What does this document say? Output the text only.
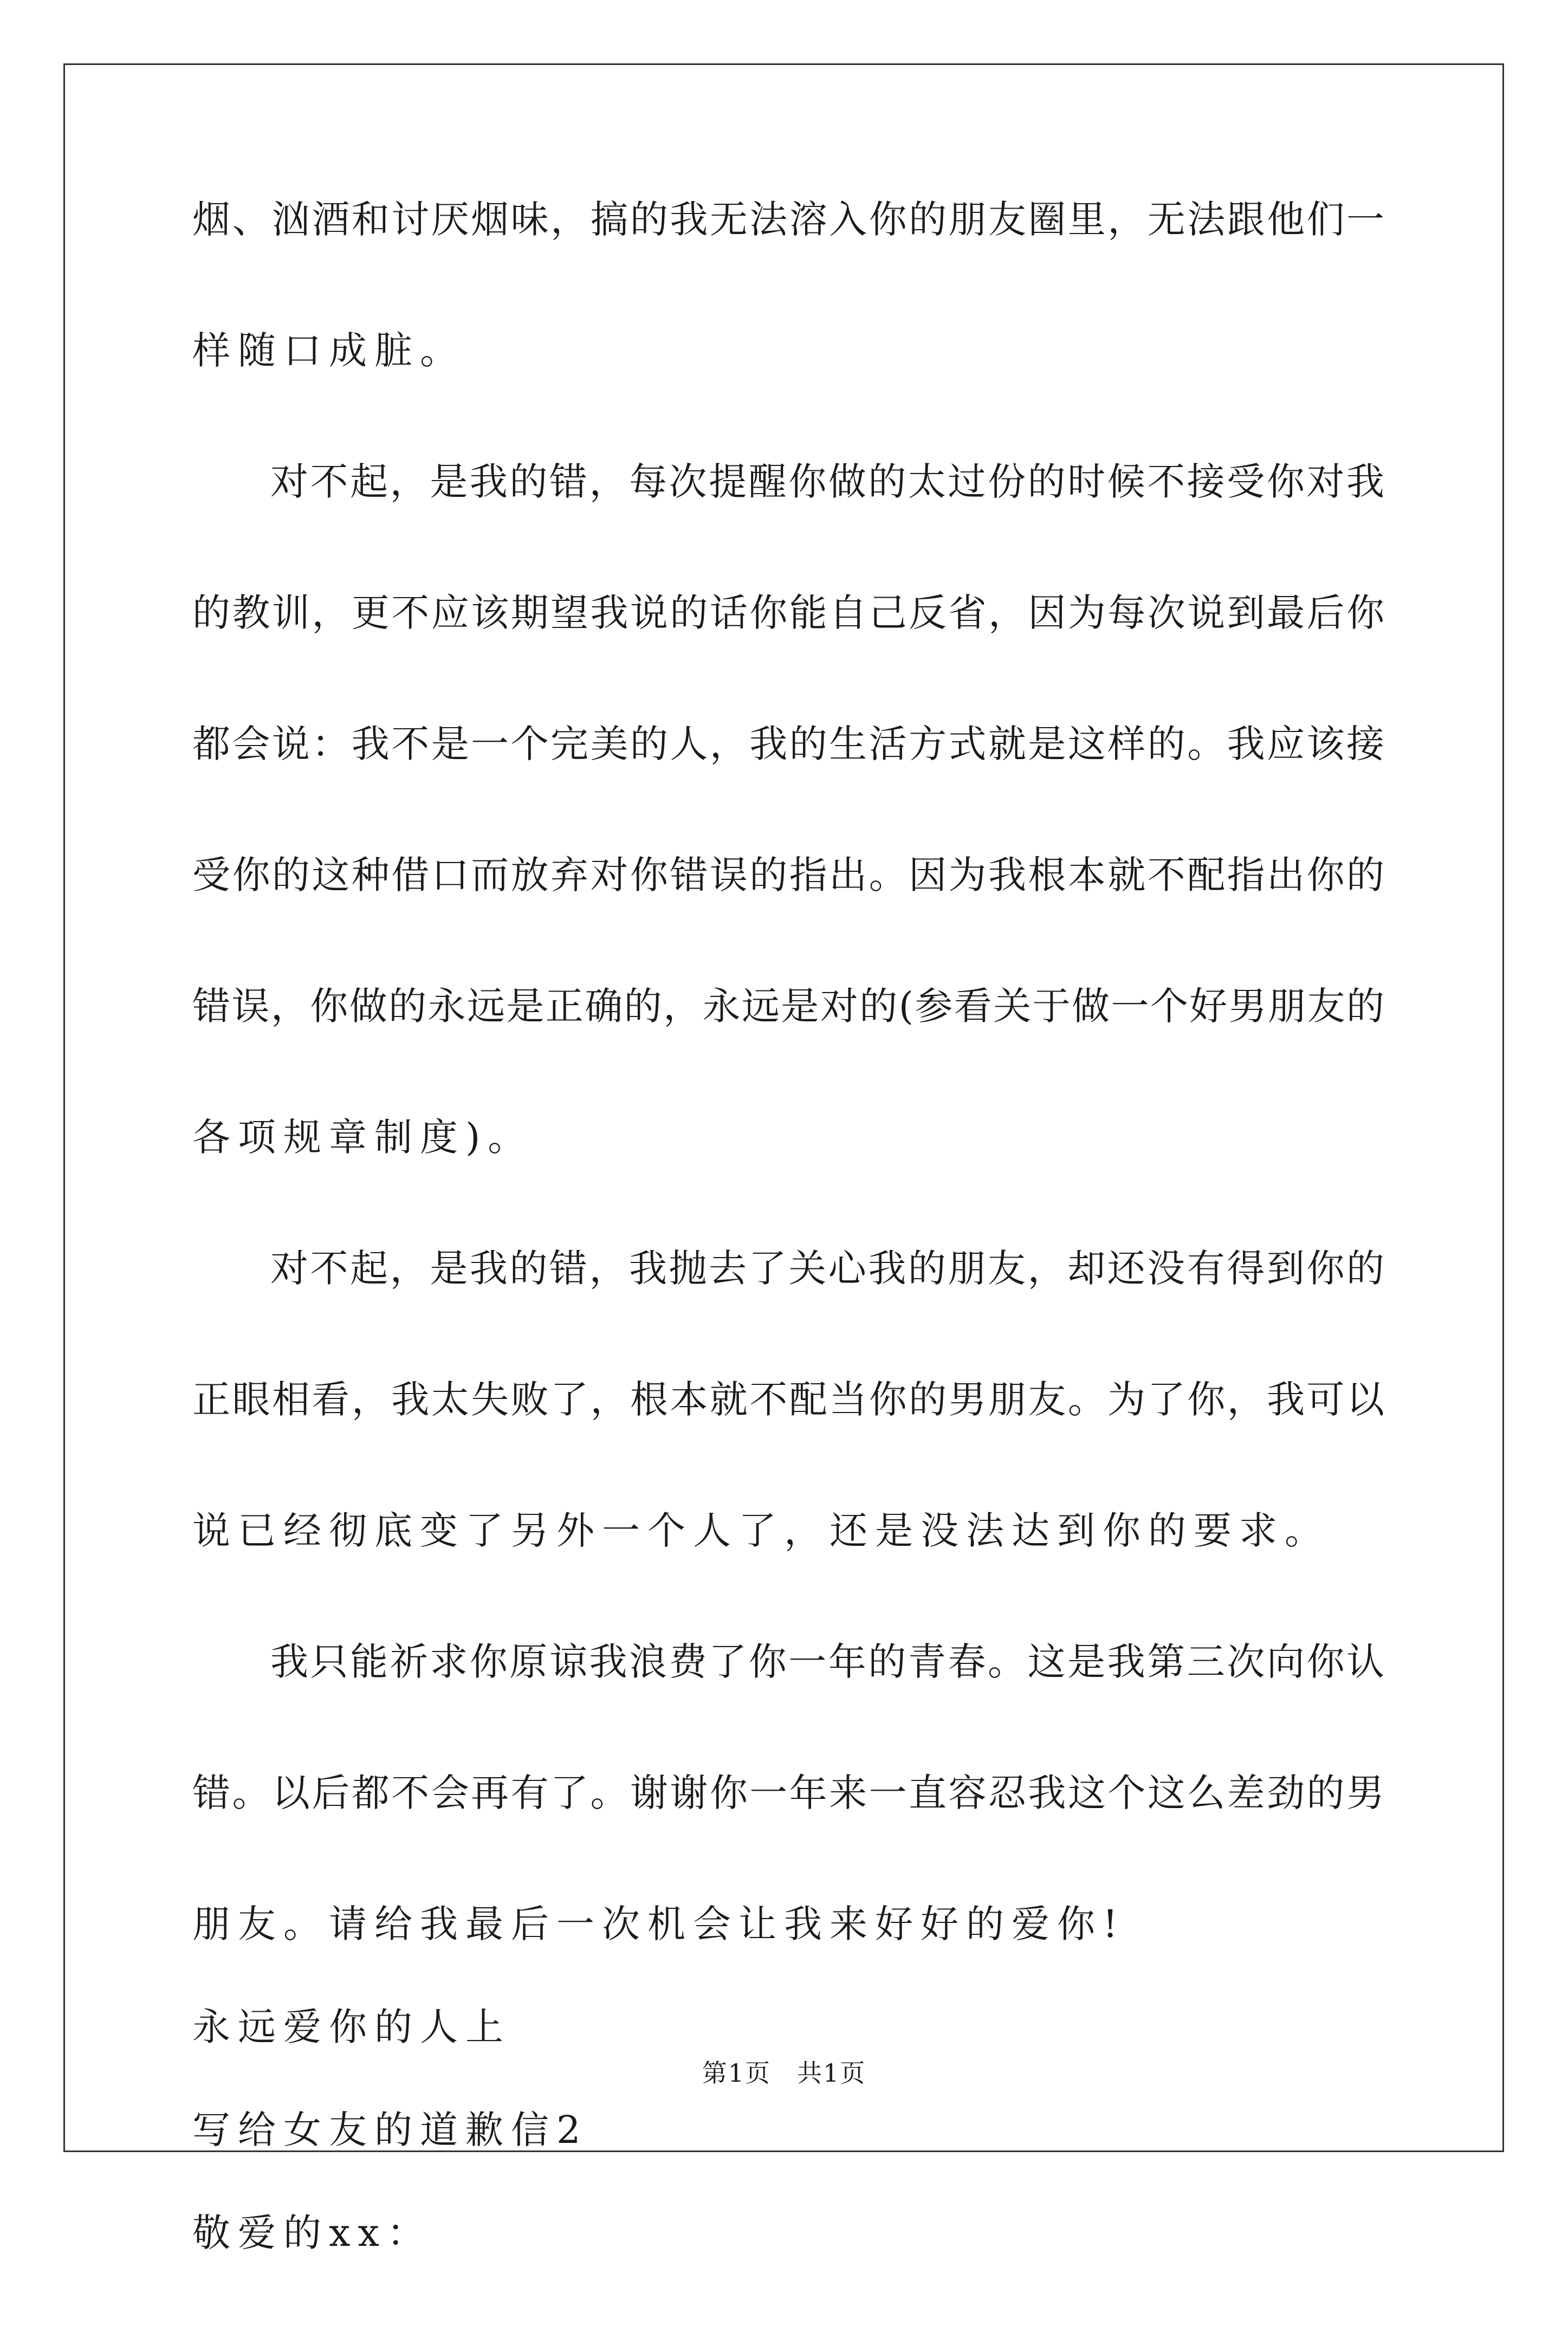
烟、汹酒和讨厌烟味，搞的我无法溶入你的朋友圈里，无法跟他们一
样随口成脏。
对不起，是我的错，每次提醒你做的太过份的时候不接受你对我
的教训，更不应该期望我说的话你能自己反省，因为每次说到最后你
都会说：我不是一个完美的人，我的生活方式就是这样的。我应该接
受你的这种借口而放弃对你错误的指出。因为我根本就不配指出你的
错误，你做的永远是正确的，永远是对的(参看关于做一个好男朋友的
各项规章制度)。
对不起，是我的错，我抛去了关心我的朋友，却还没有得到你的
正眼相看，我太失败了，根本就不配当你的男朋友。为了你，我可以
说已经彻底变了另外一个人了，还是没法达到你的要求。
我只能祈求你原谅我浪费了你一年的青春。这是我第三次向你认
错。以后都不会再有了。谢谢你一年来一直容忍我这个这么差劲的男
朋友。请给我最后一次机会让我来好好的爱你!
永远爱你的人上
写给女友的道歉信2
敬爱的xx：
第1页　共1页
